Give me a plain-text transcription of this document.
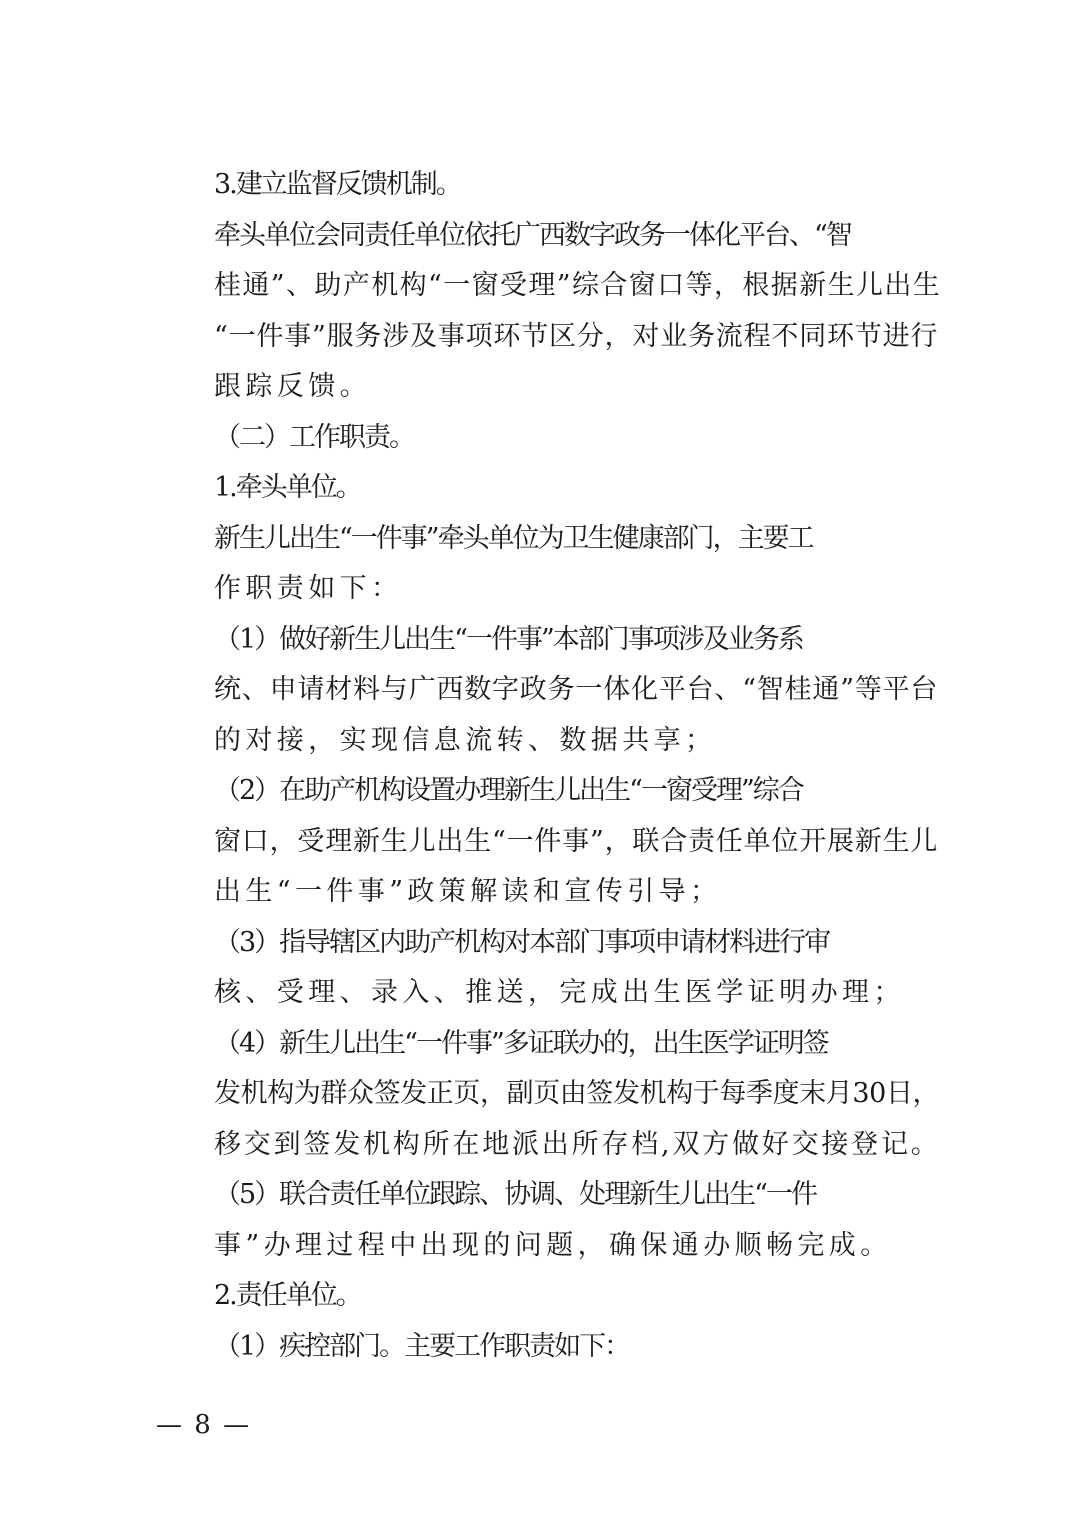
3.建立监督反馈机制。

牵头单位会同责任单位依托广西数字政务一体化平台、“智
桂通”、助产机构“一窗受理”综合窗口等，根据新生儿出生
“一件事”服务涉及事项环节区分，对业务流程不同环节进行
跟踪反馈。

（二）工作职责。

1.牵头单位。

新生儿出生“一件事”牵头单位为卫生健康部门，主要工
作职责如下：

（1）做好新生儿出生“一件事”本部门事项涉及业务系
统、申请材料与广西数字政务一体化平台、“智桂通”等平台
的对接，实现信息流转、数据共享；

（2）在助产机构设置办理新生儿出生“一窗受理”综合
窗口，受理新生儿出生“一件事”，联合责任单位开展新生儿
出生“一件事”政策解读和宣传引导；

（3）指导辖区内助产机构对本部门事项申请材料进行审
核、受理、录入、推送，完成出生医学证明办理；

（4）新生儿出生“一件事”多证联办的，出生医学证明签
发机构为群众签发正页，副页由签发机构于每季度末月30日，
移交到签发机构所在地派出所存档,双方做好交接登记。

（5）联合责任单位跟踪、协调、处理新生儿出生“一件
事”办理过程中出现的问题，确保通办顺畅完成。

2.责任单位。

（1）疾控部门。主要工作职责如下：

— 8 —
